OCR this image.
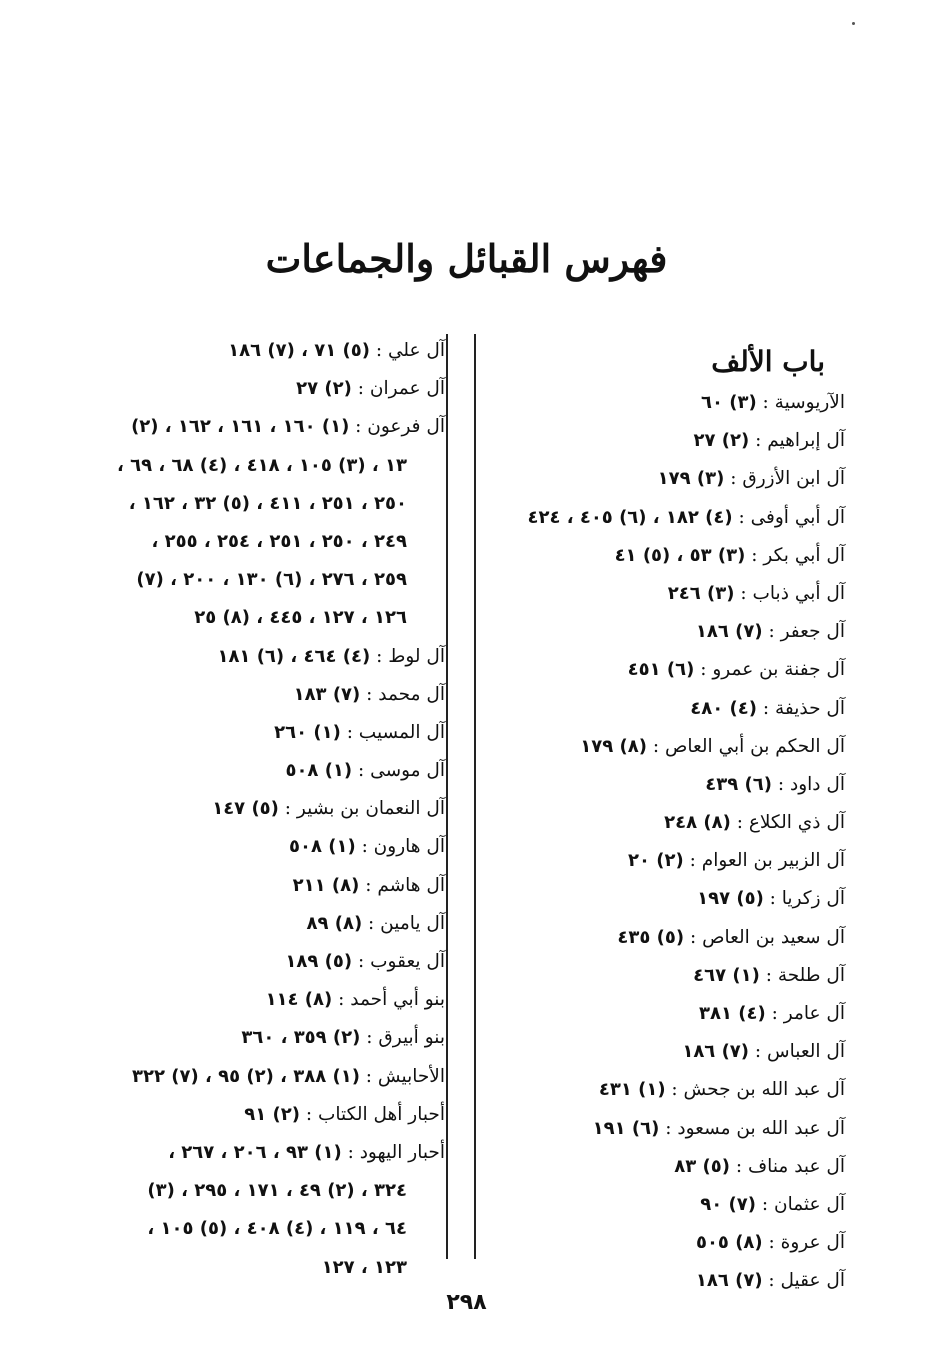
فهرس القبائل والجماعات
باب الألف
الآريوسية : (٣) ٦٠
آل إبراهيم : (٢) ٢٧
آل ابن الأزرق : (٣) ١٧٩
آل أبي أوفى : (٤) ١٨٢ ، (٦) ٤٠٥ ، ٤٢٤
آل أبي بكر : (٣) ٥٣ ، (٥) ٤١
آل أبي ذباب : (٣) ٢٤٦
آل جعفر : (٧) ١٨٦
آل جفنة بن عمرو : (٦) ٤٥١
آل حذيفة : (٤) ٤٨٠
آل الحكم بن أبي العاص : (٨) ١٧٩
آل داود : (٦) ٤٣٩
آل ذي الكلاع : (٨) ٢٤٨
آل الزبير بن العوام : (٢) ٢٠
آل زكريا : (٥) ١٩٧
آل سعيد بن العاص : (٥) ٤٣٥
آل طلحة : (١) ٤٦٧
آل عامر : (٤) ٣٨١
آل العباس : (٧) ١٨٦
آل عبد الله بن جحش : (١) ٤٣١
آل عبد الله بن مسعود : (٦) ١٩١
آل عبد مناف : (٥) ٨٣
آل عثمان : (٧) ٩٠
آل عروة : (٨) ٥٠٥
آل عقيل : (٧) ١٨٦
آل علي : (٥) ٧١ ، (٧) ١٨٦
آل عمران : (٢) ٢٧
آل فرعون : (١) ١٦٠ ، ١٦١ ، ١٦٢ ، (٢)
١٣ ، (٣) ١٠٥ ، ٤١٨ ، (٤) ٦٨ ، ٦٩ ،
٢٥٠ ، ٢٥١ ، ٤١١ ، (٥) ٣٢ ، ١٦٢ ،
٢٤٩ ، ٢٥٠ ، ٢٥١ ، ٢٥٤ ، ٢٥٥ ،
٢٥٩ ، ٢٧٦ ، (٦) ١٣٠ ، ٢٠٠ ، (٧)
١٢٦ ، ١٢٧ ، ٤٤٥ ، (٨) ٢٥
آل لوط : (٤) ٤٦٤ ، (٦) ١٨١
آل محمد : (٧) ١٨٣
آل المسيب : (١) ٢٦٠
آل موسى : (١) ٥٠٨
آل النعمان بن بشير : (٥) ١٤٧
آل هارون : (١) ٥٠٨
آل هاشم : (٨) ٢١١
آل يامين : (٨) ٨٩
آل يعقوب : (٥) ١٨٩
بنو أبي أحمد : (٨) ١١٤
بنو أبيرق : (٢) ٣٥٩ ، ٣٦٠
الأحابيش : (١) ٣٨٨ ، (٢) ٩٥ ، (٧) ٣٢٢
أحبار أهل الكتاب : (٢) ٩١
أحبار اليهود : (١) ٩٣ ، ٢٠٦ ، ٢٦٧ ،
٣٢٤ ، (٢) ٤٩ ، ١٧١ ، ٢٩٥ ، (٣)
٦٤ ، ١١٩ ، (٤) ٤٠٨ ، (٥) ١٠٥ ،
١٢٣ ، ١٢٧
٢٩٨
